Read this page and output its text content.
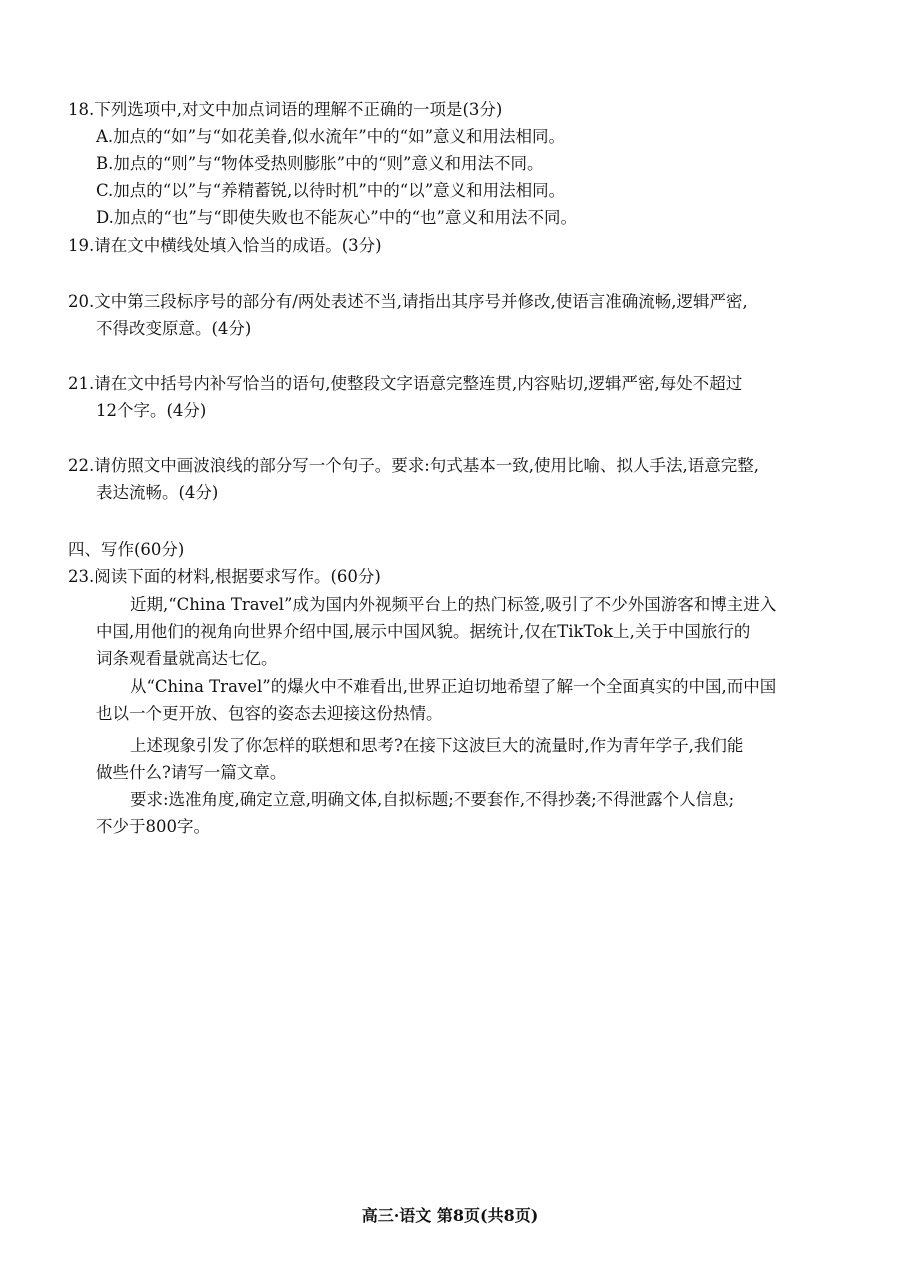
18.下列选项中,对文中加点词语的理解不正确的一项是(3分)
A.加点的“如”与“如花美眷,似水流年”中的“如”意义和用法相同。
B.加点的“则”与“物体受热则膨胀”中的“则”意义和用法不同。
C.加点的“以”与“养精蓄锐,以待时机”中的“以”意义和用法相同。
D.加点的“也”与“即使失败也不能灰心”中的“也”意义和用法不同。
19.请在文中横线处填入恰当的成语。(3分)
20.文中第三段标序号的部分有/两处表述不当,请指出其序号并修改,使语言准确流畅,逻辑严密,
不得改变原意。(4分)
21.请在文中括号内补写恰当的语句,使整段文字语意完整连贯,内容贴切,逻辑严密,每处不超过
12个字。(4分)
22.请仿照文中画波浪线的部分写一个句子。要求:句式基本一致,使用比喻、拟人手法,语意完整,
表达流畅。(4分)
四、写作(60分)
23.阅读下面的材料,根据要求写作。(60分)
近期,“China Travel”成为国内外视频平台上的热门标签,吸引了不少外国游客和博主进入
中国,用他们的视角向世界介绍中国,展示中国风貌。据统计,仅在TikTok上,关于中国旅行的
词条观看量就高达七亿。
从“China Travel”的爆火中不难看出,世界正迫切地希望了解一个全面真实的中国,而中国
也以一个更开放、包容的姿态去迎接这份热情。
上述现象引发了你怎样的联想和思考?在接下这波巨大的流量时,作为青年学子,我们能
做些什么?请写一篇文章。
要求:选准角度,确定立意,明确文体,自拟标题;不要套作,不得抄袭;不得泄露个人信息;
不少于800字。
高三·语文 第8页(共8页)
